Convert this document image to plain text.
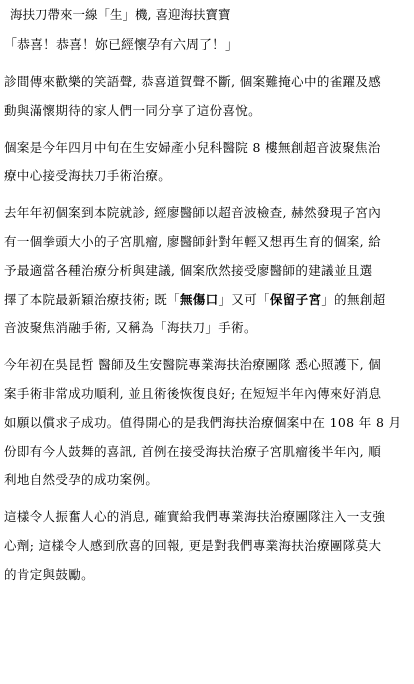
海扶刀帶來一線「生」機, 喜迎海扶寶寶
「恭喜！恭喜！妳已經懷孕有六周了！」
診間傳來歡樂的笑語聲, 恭喜道賀聲不斷, 個案難掩心中的雀躍及感
動與滿懷期待的家人們一同分享了這份喜悅。
個案是今年四月中旬在生安婦產小兒科醫院 8 樓無創超音波聚焦治
療中心接受海扶刀手術治療。
去年年初個案到本院就診, 經廖醫師以超音波檢查, 赫然發現子宮內
有一個拳頭大小的子宮肌瘤, 廖醫師針對年輕又想再生育的個案, 給
予最適當各種治療分析與建議, 個案欣然接受廖醫師的建議並且選
擇了本院最新穎治療技術; 既「無傷口」又可「保留子宮」的無創超
音波聚焦消融手術, 又稱為「海扶刀」手術。
今年初在吳昆哲 醫師及生安醫院專業海扶治療團隊 悉心照護下, 個
案手術非常成功順利, 並且術後恢復良好; 在短短半年內傳來好消息
如願以償求子成功。值得開心的是我們海扶治療個案中在 108 年 8 月
份即有今人鼓舞的喜訊, 首例在接受海扶治療子宮肌瘤後半年內, 順
利地自然受孕的成功案例。
這樣令人振奮人心的消息, 確實給我們專業海扶治療團隊注入一支強
心劑; 這樣令人感到欣喜的回報, 更是對我們專業海扶治療團隊莫大
的肯定與鼓勵。
